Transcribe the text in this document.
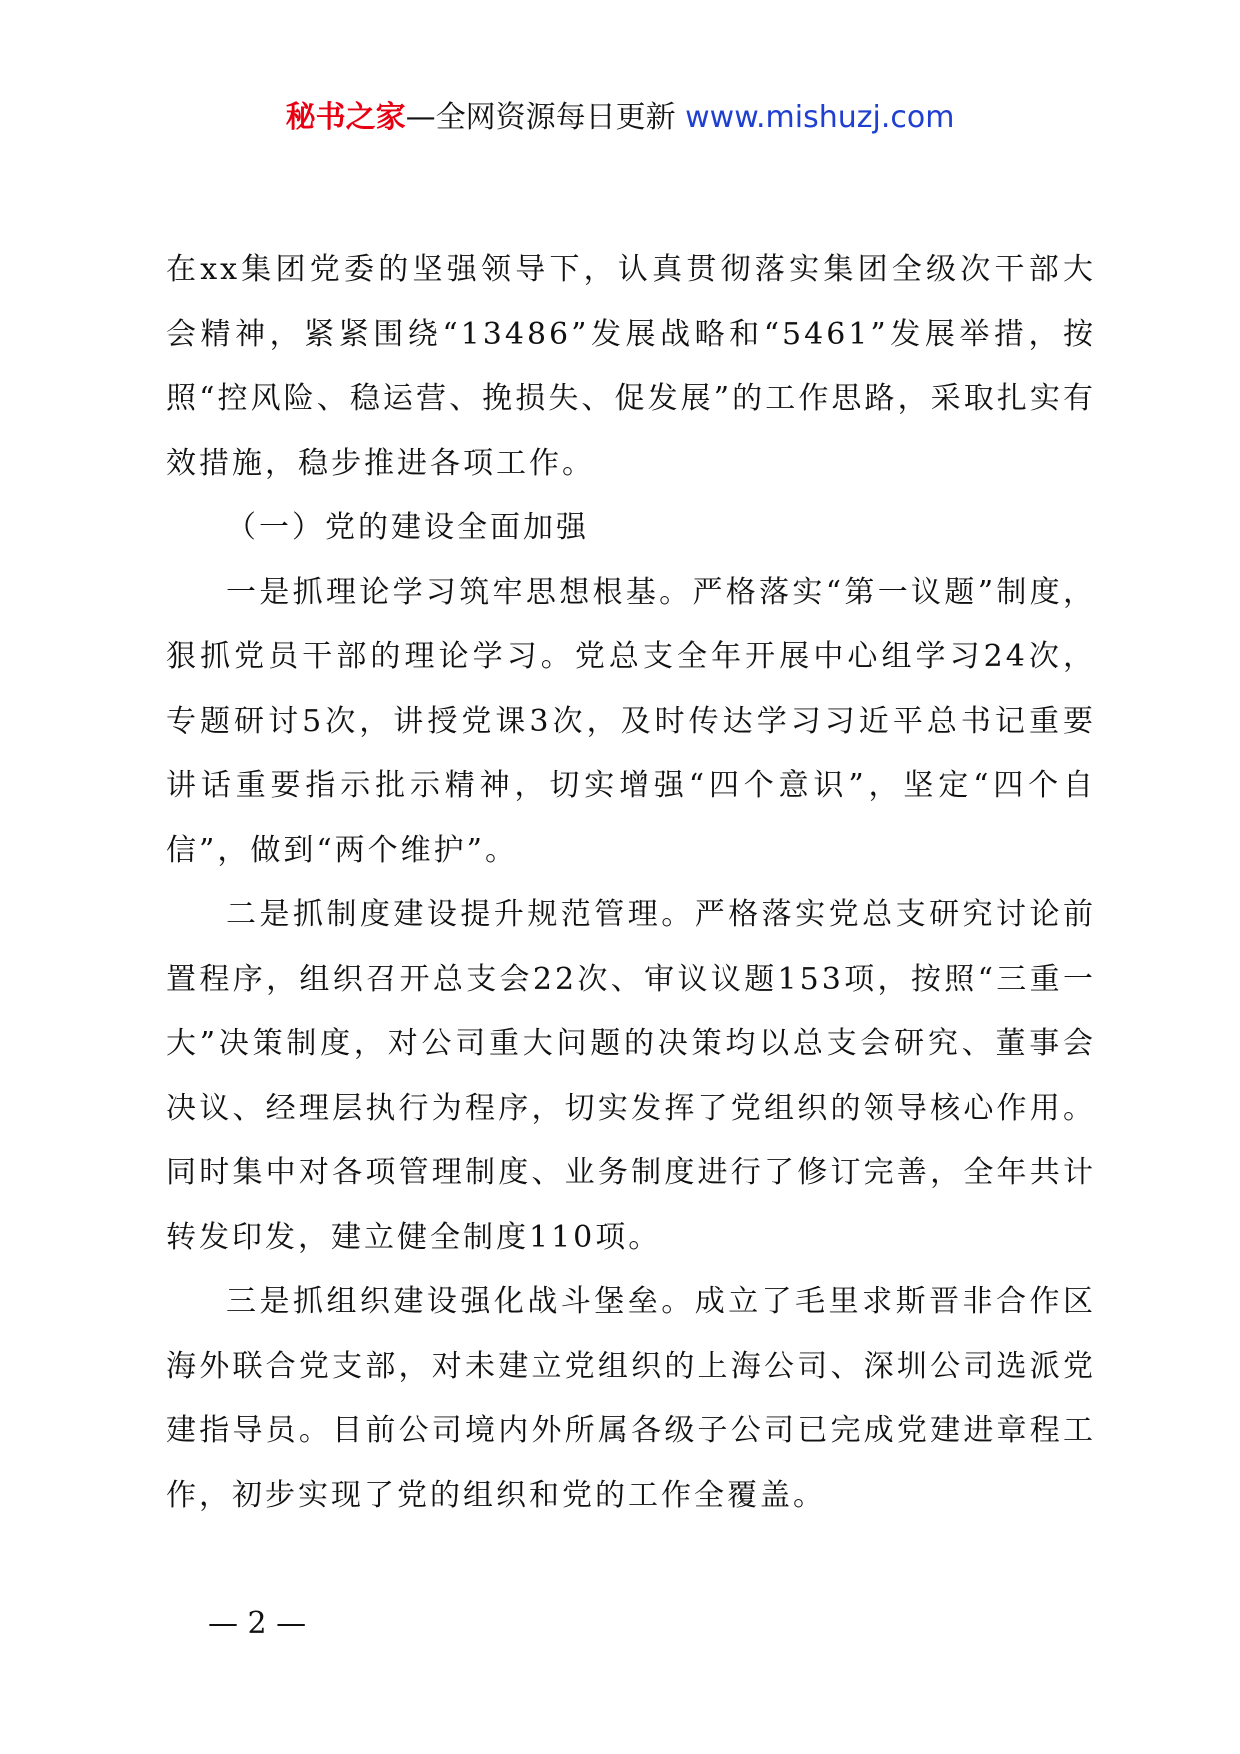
秘书之家—全网资源每日更新 www.mishuzj.com

在xx集团党委的坚强领导下，认真贯彻落实集团全级次干部大会精神，紧紧围绕“13486”发展战略和“5461”发展举措，按照“控风险、稳运营、挽损失、促发展”的工作思路，采取扎实有效措施，稳步推进各项工作。

（一）党的建设全面加强

一是抓理论学习筑牢思想根基。严格落实“第一议题”制度，狠抓党员干部的理论学习。党总支全年开展中心组学习24次，专题研讨5次，讲授党课3次，及时传达学习习近平总书记重要讲话重要指示批示精神，切实增强“四个意识”，坚定“四个自信”，做到“两个维护”。

二是抓制度建设提升规范管理。严格落实党总支研究讨论前置程序，组织召开总支会22次、审议议题153项，按照“三重一大”决策制度，对公司重大问题的决策均以总支会研究、董事会决议、经理层执行为程序，切实发挥了党组织的领导核心作用。同时集中对各项管理制度、业务制度进行了修订完善，全年共计转发印发，建立健全制度110项。

三是抓组织建设强化战斗堡垒。成立了毛里求斯晋非合作区海外联合党支部，对未建立党组织的上海公司、深圳公司选派党建指导员。目前公司境内外所属各级子公司已完成党建进章程工作，初步实现了党的组织和党的工作全覆盖。

— 2 —
